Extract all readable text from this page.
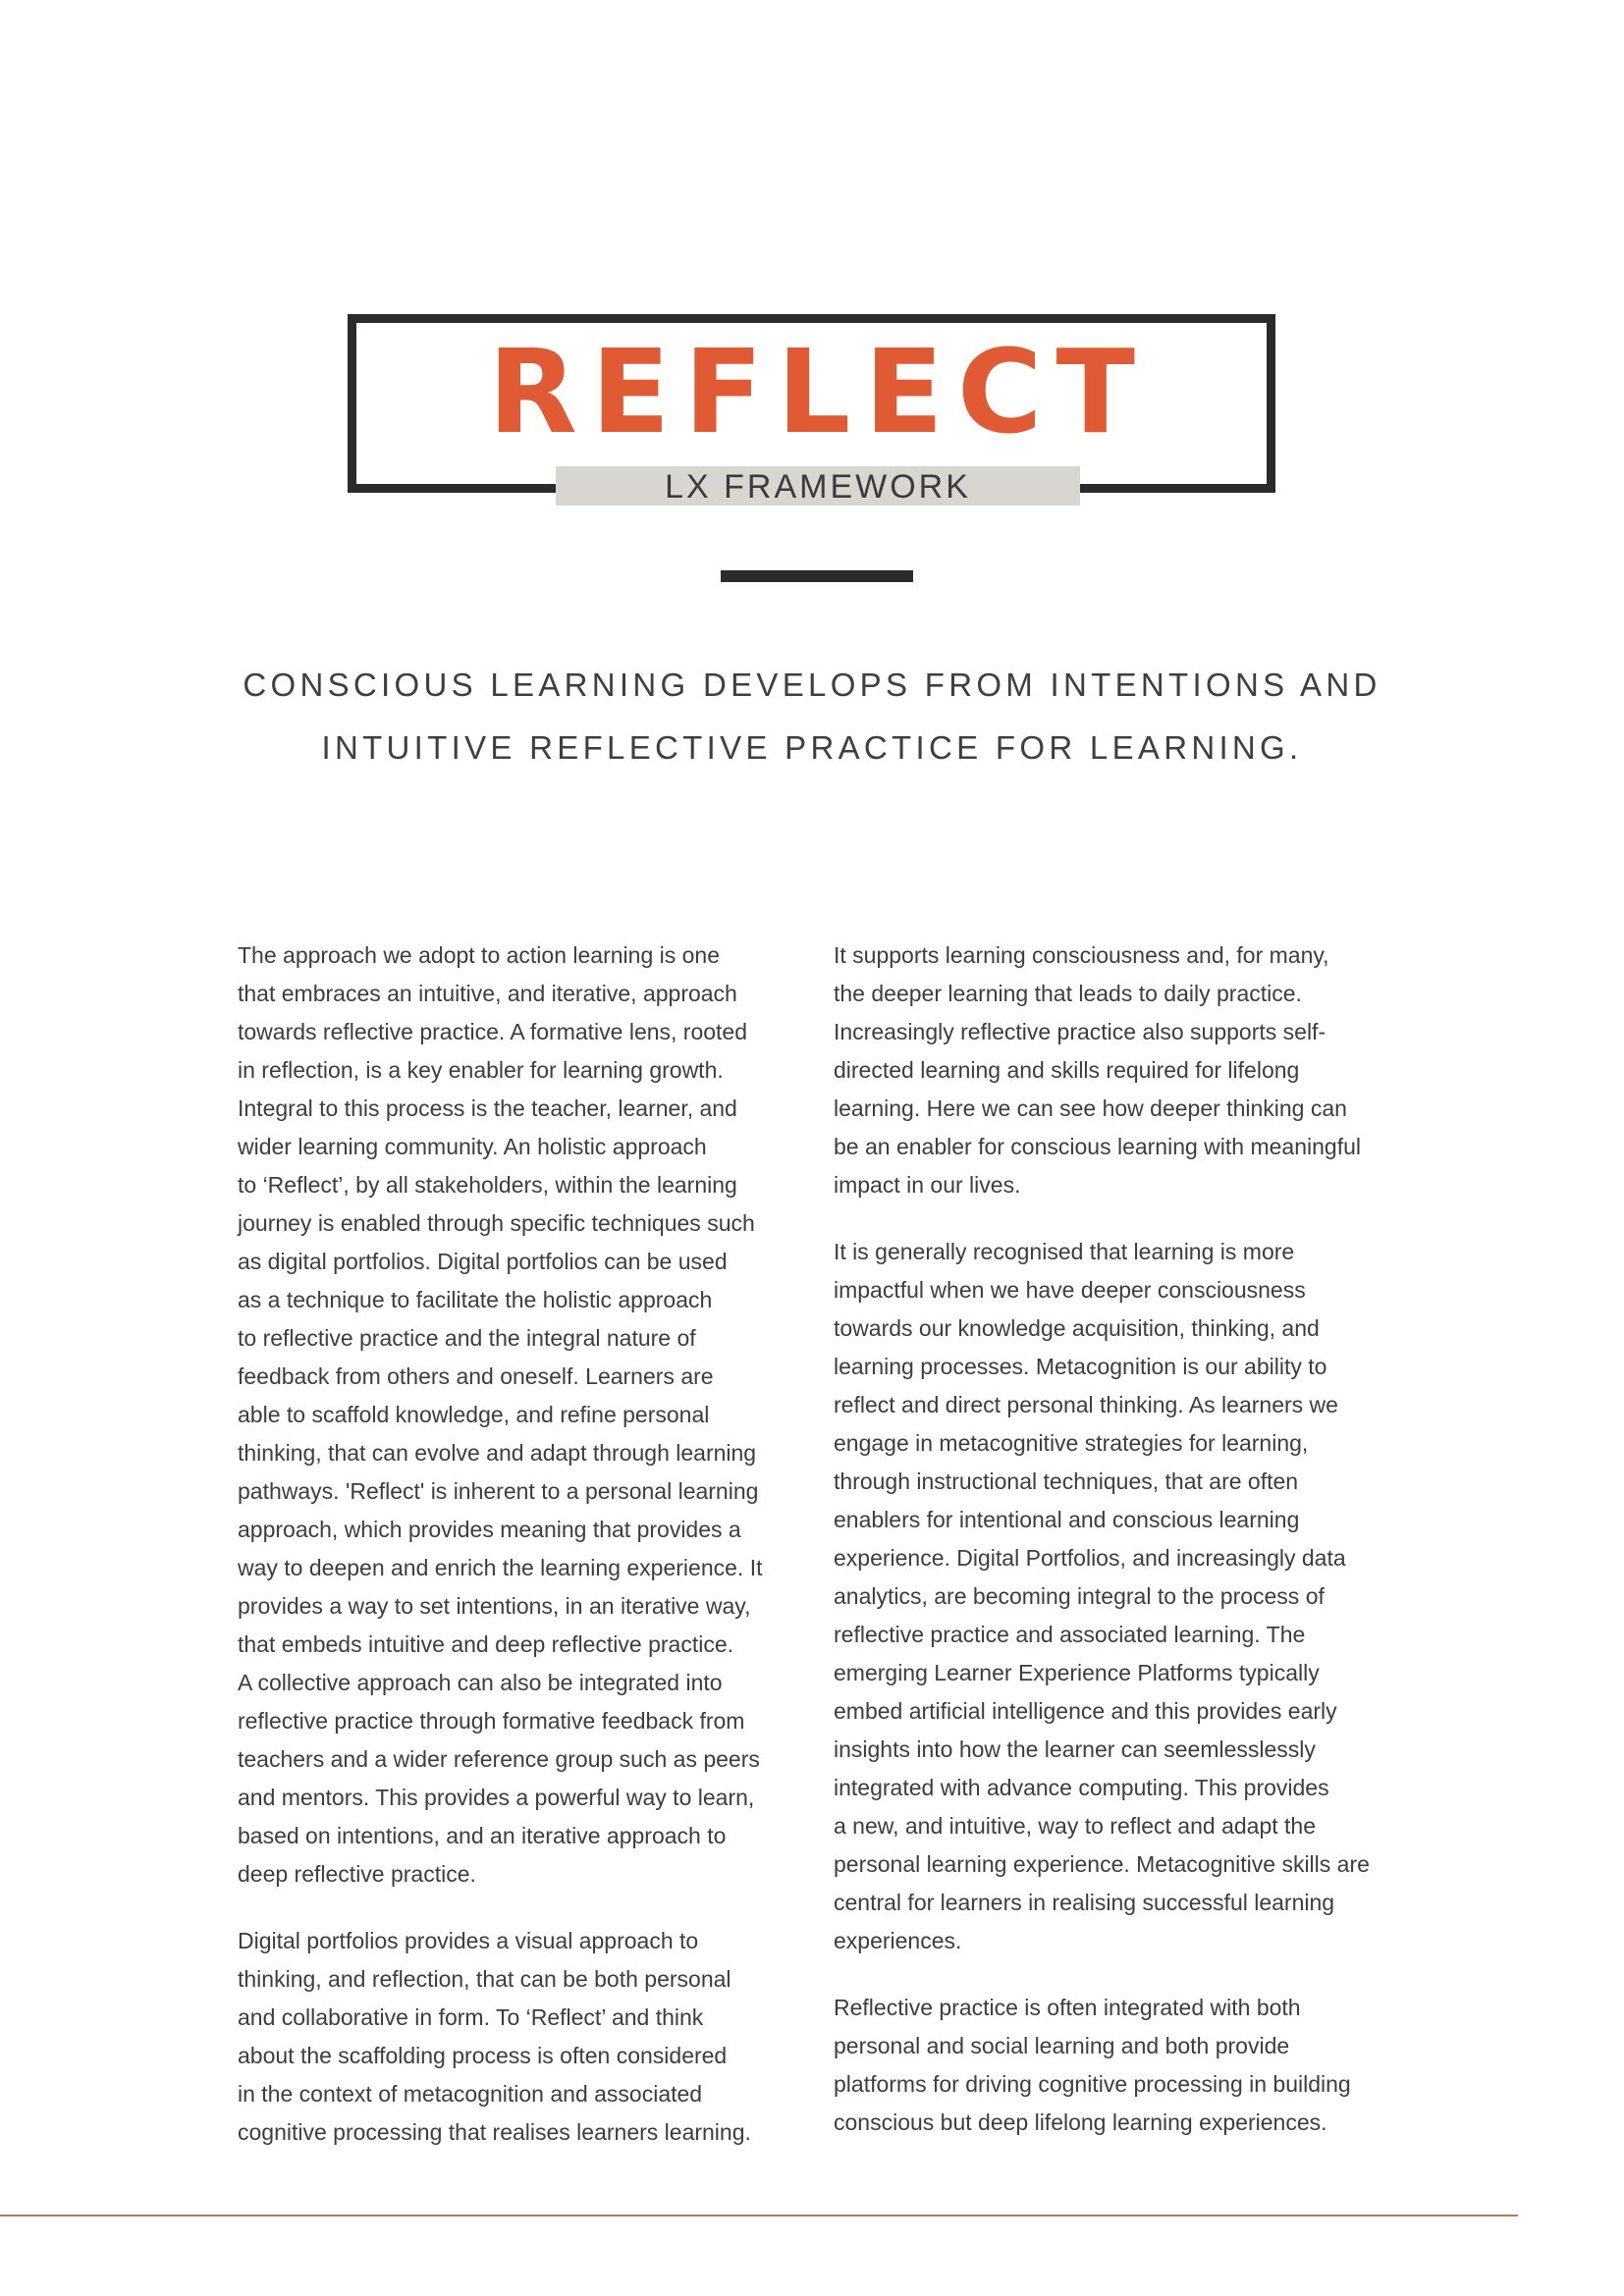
REFLECT
LX FRAMEWORK
CONSCIOUS LEARNING DEVELOPS FROM INTENTIONS AND
INTUITIVE REFLECTIVE PRACTICE FOR LEARNING.

The approach we adopt to action learning is one
that embraces an intuitive, and iterative, approach
towards reflective practice. A formative lens, rooted
in reflection, is a key enabler for learning growth.
Integral to this process is the teacher, learner, and
wider learning community. An holistic approach
to ‘Reflect’, by all stakeholders, within the learning
journey is enabled through specific techniques such
as digital portfolios. Digital portfolios can be used
as a technique to facilitate the holistic approach
to reflective practice and the integral nature of
feedback from others and oneself. Learners are
able to scaffold knowledge, and refine personal
thinking, that can evolve and adapt through learning
pathways. 'Reflect' is inherent to a personal learning
approach, which provides meaning that provides a
way to deepen and enrich the learning experience. It
provides a way to set intentions, in an iterative way,
that embeds intuitive and deep reflective practice.
A collective approach can also be integrated into
reflective practice through formative feedback from
teachers and a wider reference group such as peers
and mentors. This provides a powerful way to learn,
based on intentions, and an iterative approach to
deep reflective practice.

Digital portfolios provides a visual approach to
thinking, and reflection, that can be both personal
and collaborative in form. To ‘Reflect’ and think
about the scaffolding process is often considered
in the context of metacognition and associated
cognitive processing that realises learners learning.

It supports learning consciousness and, for many,
the deeper learning that leads to daily practice.
Increasingly reflective practice also supports self-
directed learning and skills required for lifelong
learning. Here we can see how deeper thinking can
be an enabler for conscious learning with meaningful
impact in our lives.

It is generally recognised that learning is more
impactful when we have deeper consciousness
towards our knowledge acquisition, thinking, and
learning processes. Metacognition is our ability to
reflect and direct personal thinking. As learners we
engage in metacognitive strategies for learning,
through instructional techniques, that are often
enablers for intentional and conscious learning
experience. Digital Portfolios, and increasingly data
analytics, are becoming integral to the process of
reflective practice and associated learning. The
emerging Learner Experience Platforms typically
embed artificial intelligence and this provides early
insights into how the learner can seemlesslessly
integrated with advance computing. This provides
a new, and intuitive, way to reflect and adapt the
personal learning experience. Metacognitive skills are
central for learners in realising successful learning
experiences.

Reflective practice is often integrated with both
personal and social learning and both provide
platforms for driving cognitive processing in building
conscious but deep lifelong learning experiences.
